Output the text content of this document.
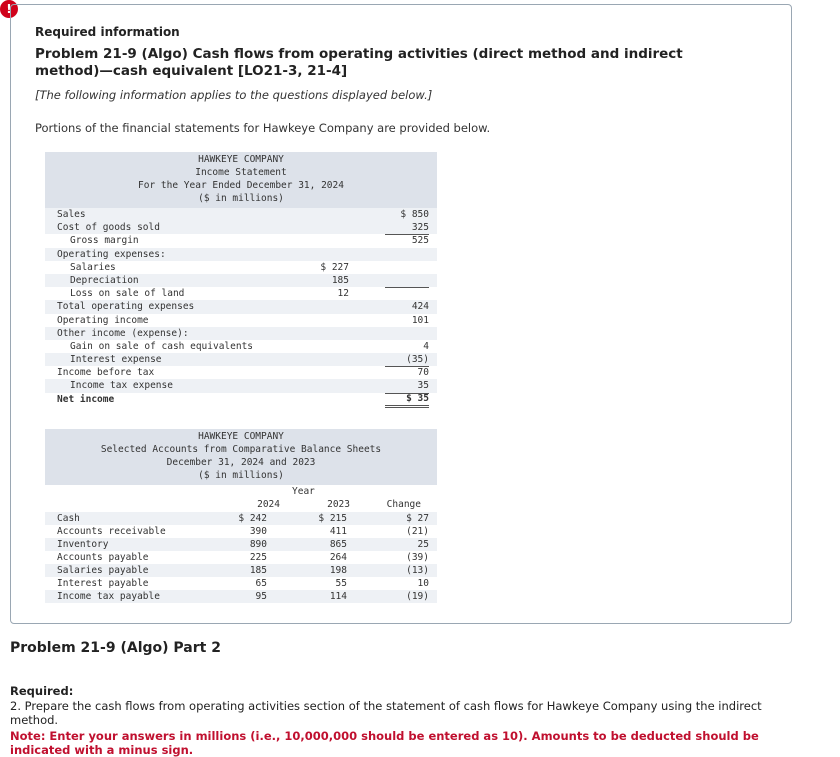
!
Required information
Problem 21-9 (Algo) Cash flows from operating activities (direct method and indirect method)—cash equivalent [LO21-3, 21-4]
[The following information applies to the questions displayed below.]
Portions of the financial statements for Hawkeye Company are provided below.
HAWKEYE COMPANY
Income Statement
For the Year Ended December 31, 2024
($ in millions)
Sales	$ 850
Cost of goods sold	325
Gross margin	525
Operating expenses:
Salaries	$ 227
Depreciation	185
Loss on sale of land	12
Total operating expenses	424
Operating income	101
Other income (expense):
Gain on sale of cash equivalents	4
Interest expense	(35)
Income before tax	70
Income tax expense	35
Net income	$ 35
HAWKEYE COMPANY
Selected Accounts from Comparative Balance Sheets
December 31, 2024 and 2023
($ in millions)
Year
2024	2023	Change
Cash	$ 242	$ 215	$ 27
Accounts receivable	390	411	(21)
Inventory	890	865	25
Accounts payable	225	264	(39)
Salaries payable	185	198	(13)
Interest payable	65	55	10
Income tax payable	95	114	(19)
Problem 21-9 (Algo) Part 2
Required:
2. Prepare the cash flows from operating activities section of the statement of cash flows for Hawkeye Company using the indirect method.
Note: Enter your answers in millions (i.e., 10,000,000 should be entered as 10). Amounts to be deducted should be indicated with a minus sign.
